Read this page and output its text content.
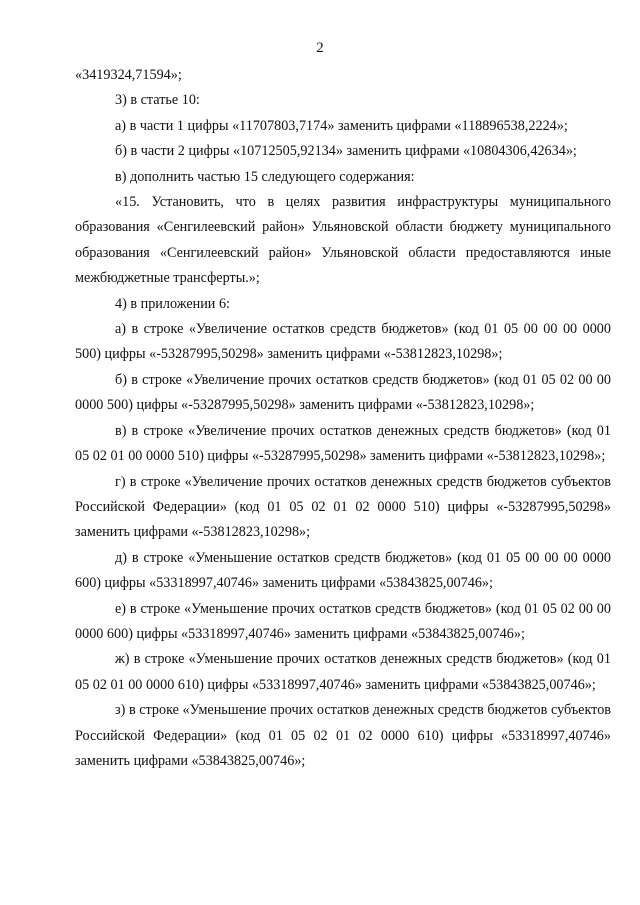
2

«3419324,71594»;

3) в статье 10:

а) в части 1 цифры «11707803,7174» заменить цифрами «118896538,2224»;

б) в части 2 цифры «10712505,92134» заменить цифрами «10804306,42634»;

в) дополнить частью 15 следующего содержания:

«15. Установить, что в целях развития инфраструктуры муниципального образования «Сенгилеевский район» Ульяновской области бюджету муниципального образования «Сенгилеевский район» Ульяновской области предоставляются иные межбюджетные трансферты.»;

4) в приложении 6:

а) в строке «Увеличение остатков средств бюджетов» (код 01 05 00 00 00 0000 500) цифры «-53287995,50298» заменить цифрами «-53812823,10298»;

б) в строке «Увеличение прочих остатков средств бюджетов» (код 01 05 02 00 00 0000 500) цифры «-53287995,50298» заменить цифрами «-53812823,10298»;

в) в строке «Увеличение прочих остатков денежных средств бюджетов» (код 01 05 02 01 00 0000 510) цифры «-53287995,50298» заменить цифрами «-53812823,10298»;

г) в строке «Увеличение прочих остатков денежных средств бюджетов субъектов Российской Федерации» (код 01 05 02 01 02 0000 510) цифры «-53287995,50298» заменить цифрами «-53812823,10298»;

д) в строке «Уменьшение остатков средств бюджетов» (код 01 05 00 00 00 0000 600) цифры «53318997,40746» заменить цифрами «53843825,00746»;

е) в строке «Уменьшение прочих остатков средств бюджетов» (код 01 05 02 00 00 0000 600) цифры «53318997,40746» заменить цифрами «53843825,00746»;

ж) в строке «Уменьшение прочих остатков денежных средств бюджетов» (код 01 05 02 01 00 0000 610) цифры «53318997,40746» заменить цифрами «53843825,00746»;

з) в строке «Уменьшение прочих остатков денежных средств бюджетов субъектов Российской Федерации» (код 01 05 02 01 02 0000 610) цифры «53318997,40746» заменить цифрами «53843825,00746»;
